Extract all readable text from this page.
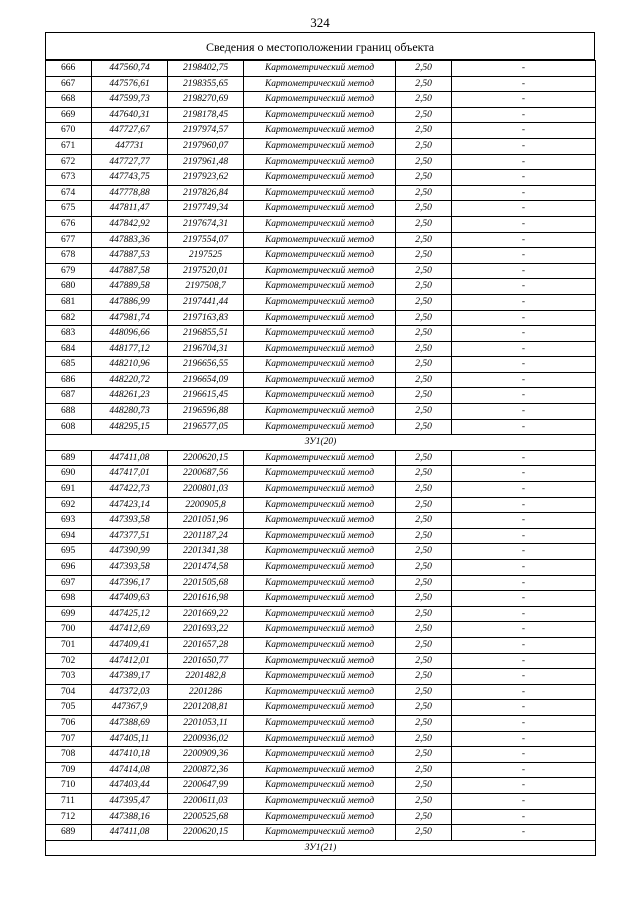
324
Сведения о местоположении границ объекта
666	447560,74	2198402,75	Картометрический метод	2,50	-
667	447576,61	2198355,65	Картометрический метод	2,50	-
668	447599,73	2198270,69	Картометрический метод	2,50	-
669	447640,31	2198178,45	Картометрический метод	2,50	-
670	447727,67	2197974,57	Картометрический метод	2,50	-
671	447731	2197960,07	Картометрический метод	2,50	-
672	447727,77	2197961,48	Картометрический метод	2,50	-
673	447743,75	2197923,62	Картометрический метод	2,50	-
674	447778,88	2197826,84	Картометрический метод	2,50	-
675	447811,47	2197749,34	Картометрический метод	2,50	-
676	447842,92	2197674,31	Картометрический метод	2,50	-
677	447883,36	2197554,07	Картометрический метод	2,50	-
678	447887,53	2197525	Картометрический метод	2,50	-
679	447887,58	2197520,01	Картометрический метод	2,50	-
680	447889,58	2197508,7	Картометрический метод	2,50	-
681	447886,99	2197441,44	Картометрический метод	2,50	-
682	447981,74	2197163,83	Картометрический метод	2,50	-
683	448096,66	2196855,51	Картометрический метод	2,50	-
684	448177,12	2196704,31	Картометрический метод	2,50	-
685	448210,96	2196656,55	Картометрический метод	2,50	-
686	448220,72	2196654,09	Картометрический метод	2,50	-
687	448261,23	2196615,45	Картометрический метод	2,50	-
688	448280,73	2196596,88	Картометрический метод	2,50	-
608	448295,15	2196577,05	Картометрический метод	2,50	-
ЗУ1(20)					
689	447411,08	2200620,15	Картометрический метод	2,50	-
690	447417,01	2200687,56	Картометрический метод	2,50	-
691	447422,73	2200801,03	Картометрический метод	2,50	-
692	447423,14	2200905,8	Картометрический метод	2,50	-
693	447393,58	2201051,96	Картометрический метод	2,50	-
694	447377,51	2201187,24	Картометрический метод	2,50	-
695	447390,99	2201341,38	Картометрический метод	2,50	-
696	447393,58	2201474,58	Картометрический метод	2,50	-
697	447396,17	2201505,68	Картометрический метод	2,50	-
698	447409,63	2201616,98	Картометрический метод	2,50	-
699	447425,12	2201669,22	Картометрический метод	2,50	-
700	447412,69	2201693,22	Картометрический метод	2,50	-
701	447409,41	2201657,28	Картометрический метод	2,50	-
702	447412,01	2201650,77	Картометрический метод	2,50	-
703	447389,17	2201482,8	Картометрический метод	2,50	-
704	447372,03	2201286	Картометрический метод	2,50	-
705	447367,9	2201208,81	Картометрический метод	2,50	-
706	447388,69	2201053,11	Картометрический метод	2,50	-
707	447405,11	2200936,02	Картометрический метод	2,50	-
708	447410,18	2200909,36	Картометрический метод	2,50	-
709	447414,08	2200872,36	Картометрический метод	2,50	-
710	447403,44	2200647,99	Картометрический метод	2,50	-
711	447395,47	2200611,03	Картометрический метод	2,50	-
712	447388,16	2200525,68	Картометрический метод	2,50	-
689	447411,08	2200620,15	Картометрический метод	2,50	-
ЗУ1(21)					
